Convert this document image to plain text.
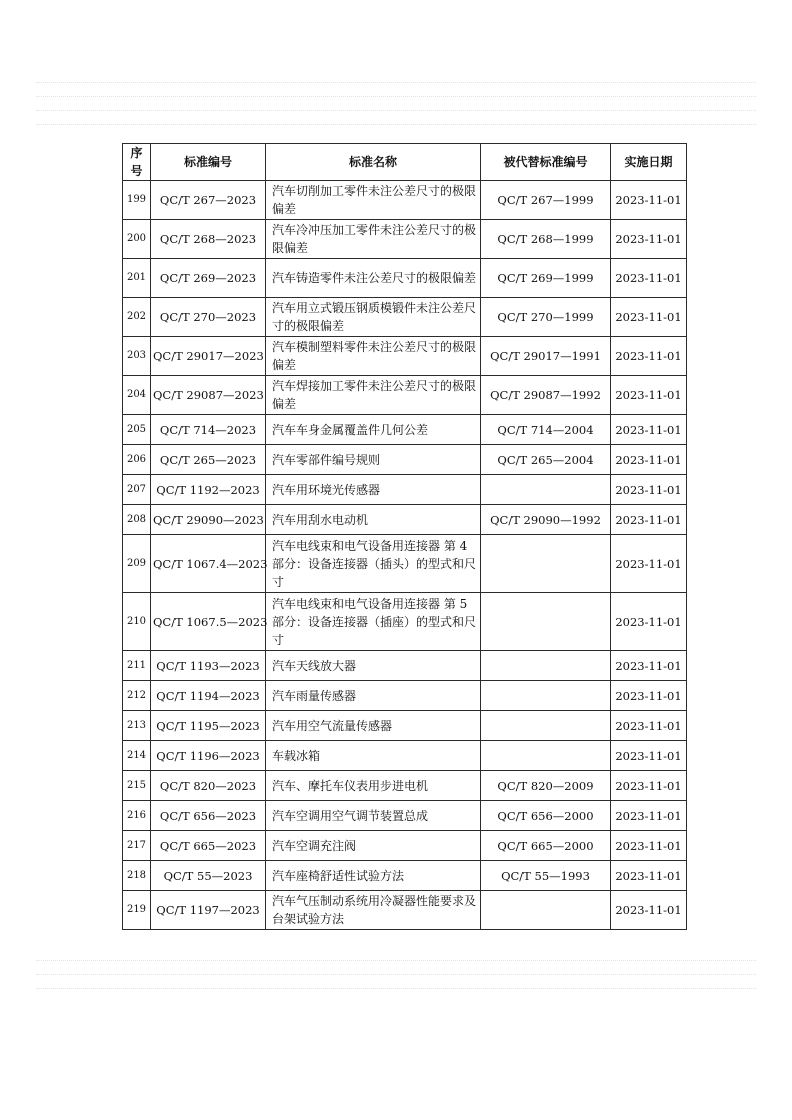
序号	标准编号	标准名称	被代替标准编号	实施日期
199	QC/T 267—2023	汽车切削加工零件未注公差尺寸的极限偏差	QC/T 267—1999	2023-11-01
200	QC/T 268—2023	汽车冷冲压加工零件未注公差尺寸的极限偏差	QC/T 268—1999	2023-11-01
201	QC/T 269—2023	汽车铸造零件未注公差尺寸的极限偏差	QC/T 269—1999	2023-11-01
202	QC/T 270—2023	汽车用立式锻压钢质模锻件未注公差尺寸的极限偏差	QC/T 270—1999	2023-11-01
203	QC/T 29017—2023	汽车模制塑料零件未注公差尺寸的极限偏差	QC/T 29017—1991	2023-11-01
204	QC/T 29087—2023	汽车焊接加工零件未注公差尺寸的极限偏差	QC/T 29087—1992	2023-11-01
205	QC/T 714—2023	汽车车身金属覆盖件几何公差	QC/T 714—2004	2023-11-01
206	QC/T 265—2023	汽车零部件编号规则	QC/T 265—2004	2023-11-01
207	QC/T 1192—2023	汽车用环境光传感器		2023-11-01
208	QC/T 29090—2023	汽车用刮水电动机	QC/T 29090—1992	2023-11-01
209	QC/T 1067.4—2023	汽车电线束和电气设备用连接器 第 4 部分：设备连接器（插头）的型式和尺寸		2023-11-01
210	QC/T 1067.5—2023	汽车电线束和电气设备用连接器 第 5 部分：设备连接器（插座）的型式和尺寸		2023-11-01
211	QC/T 1193—2023	汽车天线放大器		2023-11-01
212	QC/T 1194—2023	汽车雨量传感器		2023-11-01
213	QC/T 1195—2023	汽车用空气流量传感器		2023-11-01
214	QC/T 1196—2023	车载冰箱		2023-11-01
215	QC/T 820—2023	汽车、摩托车仪表用步进电机	QC/T 820—2009	2023-11-01
216	QC/T 656—2023	汽车空调用空气调节装置总成	QC/T 656—2000	2023-11-01
217	QC/T 665—2023	汽车空调充注阀	QC/T 665—2000	2023-11-01
218	QC/T 55—2023	汽车座椅舒适性试验方法	QC/T 55—1993	2023-11-01
219	QC/T 1197—2023	汽车气压制动系统用冷凝器性能要求及台架试验方法		2023-11-01
